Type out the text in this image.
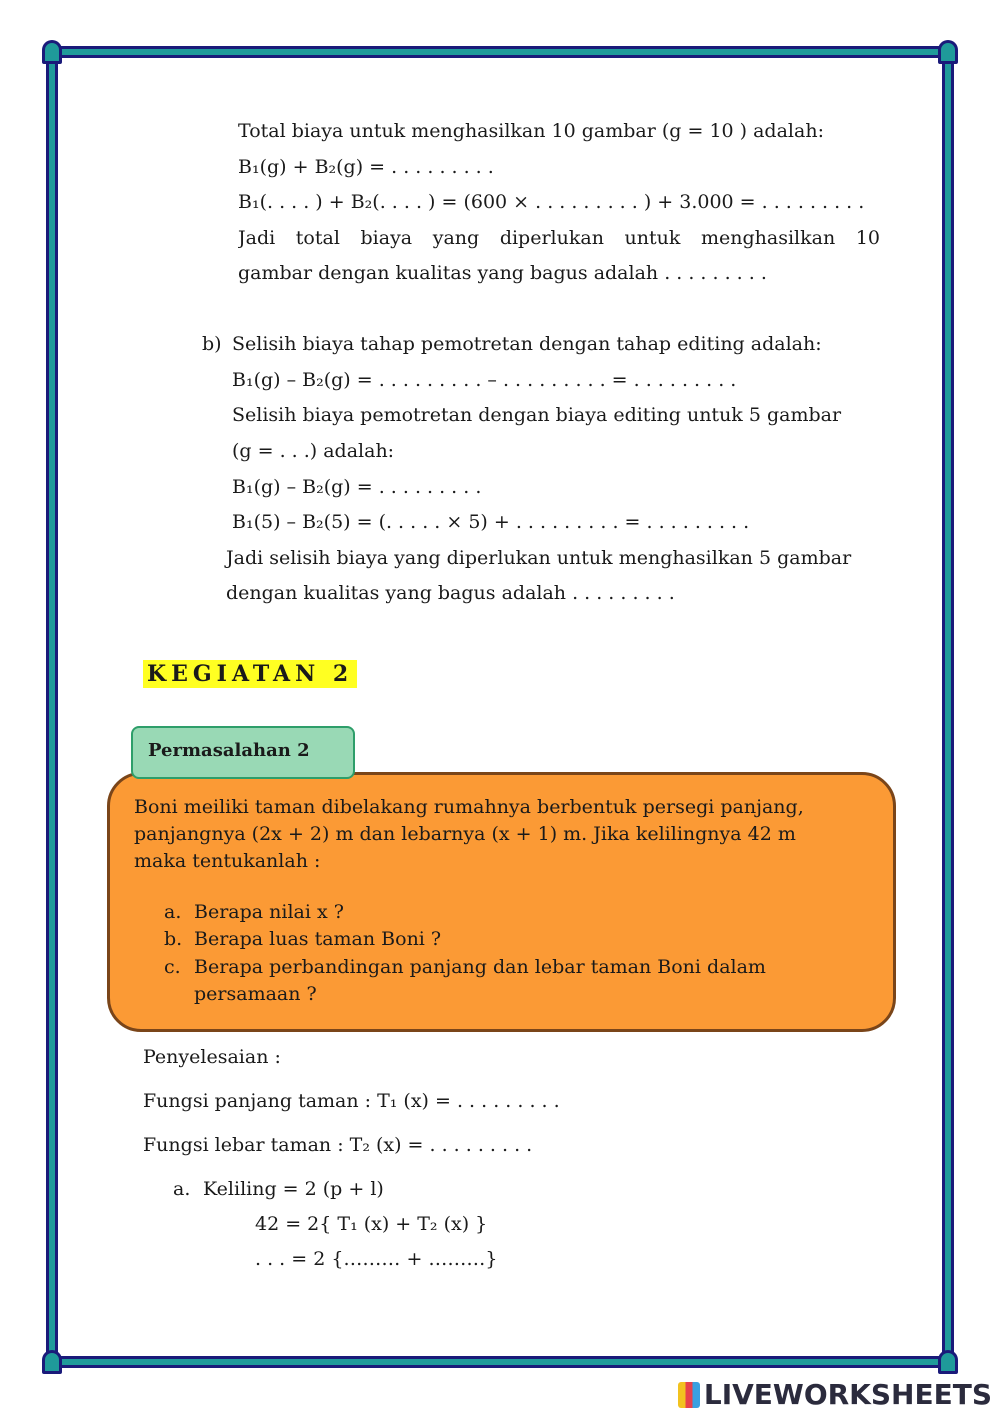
Total biaya untuk menghasilkan 10 gambar (g = 10 ) adalah:
B₁(g) + B₂(g) = . . . . . . . . .
B₁(. . . . ) + B₂(. . . . ) = (600 × . . . . . . . . . ) + 3.000 = . . . . . . . . .
Jadi total biaya yang diperlukan untuk menghasilkan 10
gambar dengan kualitas yang bagus adalah . . . . . . . . .
b) Selisih biaya tahap pemotretan dengan tahap editing adalah:
B₁(g) – B₂(g) = . . . . . . . . . – . . . . . . . . . = . . . . . . . . .
Selisih biaya pemotretan dengan biaya editing untuk 5 gambar
(g = . . .) adalah:
B₁(g) – B₂(g) = . . . . . . . . .
B₁(5) – B₂(5) = (. . . . . × 5) + . . . . . . . . . = . . . . . . . . .
Jadi selisih biaya yang diperlukan untuk menghasilkan 5 gambar
dengan kualitas yang bagus adalah . . . . . . . . .
KEGIATAN 2
Permasalahan 2
Boni meiliki taman dibelakang rumahnya berbentuk persegi panjang,
panjangnya (2x + 2) m dan lebarnya (x + 1) m. Jika kelilingnya 42 m
maka tentukanlah :
a. Berapa nilai x ?
b. Berapa luas taman Boni ?
c. Berapa perbandingan panjang dan lebar taman Boni dalam
persamaan ?
Penyelesaian :
Fungsi panjang taman : T₁ (x) = . . . . . . . . .
Fungsi lebar taman : T₂ (x) = . . . . . . . . .
a. Keliling = 2 (p + l)
42 = 2{ T₁ (x) + T₂ (x) }
. . . = 2 {……… + ………}
LIVEWORKSHEETS
